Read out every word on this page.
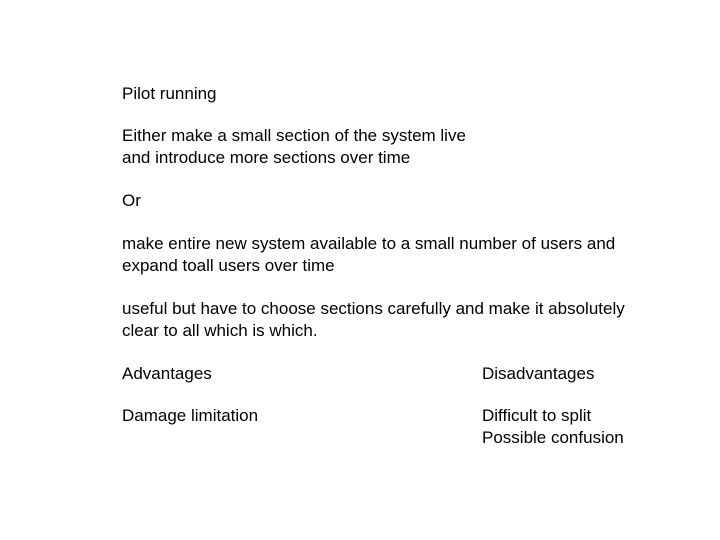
Pilot running
Either make a small section of the system live
and introduce more sections over time
Or
make entire new system available to a small number of users and
expand toall users over time
useful but have to choose sections carefully and make it absolutely
clear to all which is which.
Advantages	Disadvantages
Damage limitation	Difficult to split
Possible confusion
